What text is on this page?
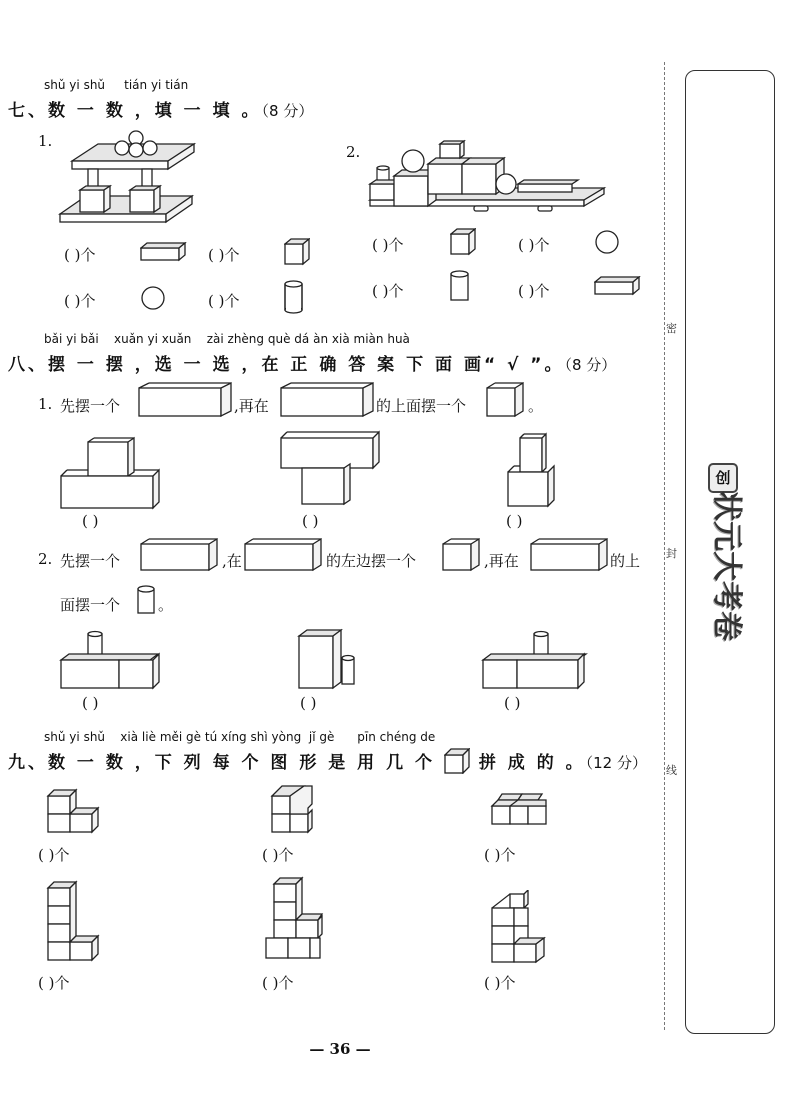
密
封
线
创
状元大考卷
shǔ yi shǔ tián yi tián
七、数 一 数 ，填 一 填 。（8 分）
1.
( )个	( )个
( )个	( )个
2.
( )个	( )个
( )个	( )个
bǎi yi bǎi xuǎn yi xuǎn zài zhèng què dá àn xià miàn huà
八、摆 一 摆 ，选 一 选 ，在 正 确 答 案 下 面 画“ √ ”。（8 分）
1. 先摆一个	,再在	的上面摆一个	。
( )	( )	( )
2. 先摆一个	,在	的左边摆一个	,再在	的上
面摆一个	。
( )	( )	( )
shǔ yi shǔ xià liè měi gè tú xíng shì yòng jǐ gè pīn chéng de
九、数 一 数 ，下 列 每 个 图 形 是 用 几 个	拼 成 的 。（12 分）
( )个	( )个	( )个
( )个	( )个	( )个
— 36 —
